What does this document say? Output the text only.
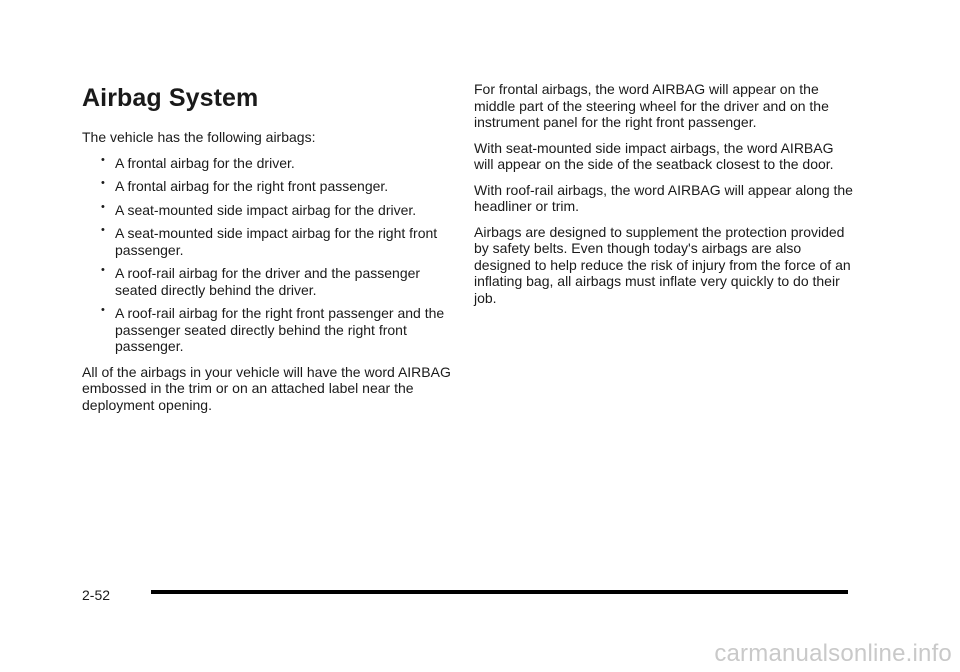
Airbag System

The vehicle has the following airbags:

• A frontal airbag for the driver.
• A frontal airbag for the right front passenger.
• A seat-mounted side impact airbag for the driver.
• A seat-mounted side impact airbag for the right front passenger.
• A roof-rail airbag for the driver and the passenger seated directly behind the driver.
• A roof-rail airbag for the right front passenger and the passenger seated directly behind the right front passenger.

All of the airbags in your vehicle will have the word AIRBAG embossed in the trim or on an attached label near the deployment opening.

For frontal airbags, the word AIRBAG will appear on the middle part of the steering wheel for the driver and on the instrument panel for the right front passenger.

With seat-mounted side impact airbags, the word AIRBAG will appear on the side of the seatback closest to the door.

With roof-rail airbags, the word AIRBAG will appear along the headliner or trim.

Airbags are designed to supplement the protection provided by safety belts. Even though today's airbags are also designed to help reduce the risk of injury from the force of an inflating bag, all airbags must inflate very quickly to do their job.

2-52
carmanualsonline.info
